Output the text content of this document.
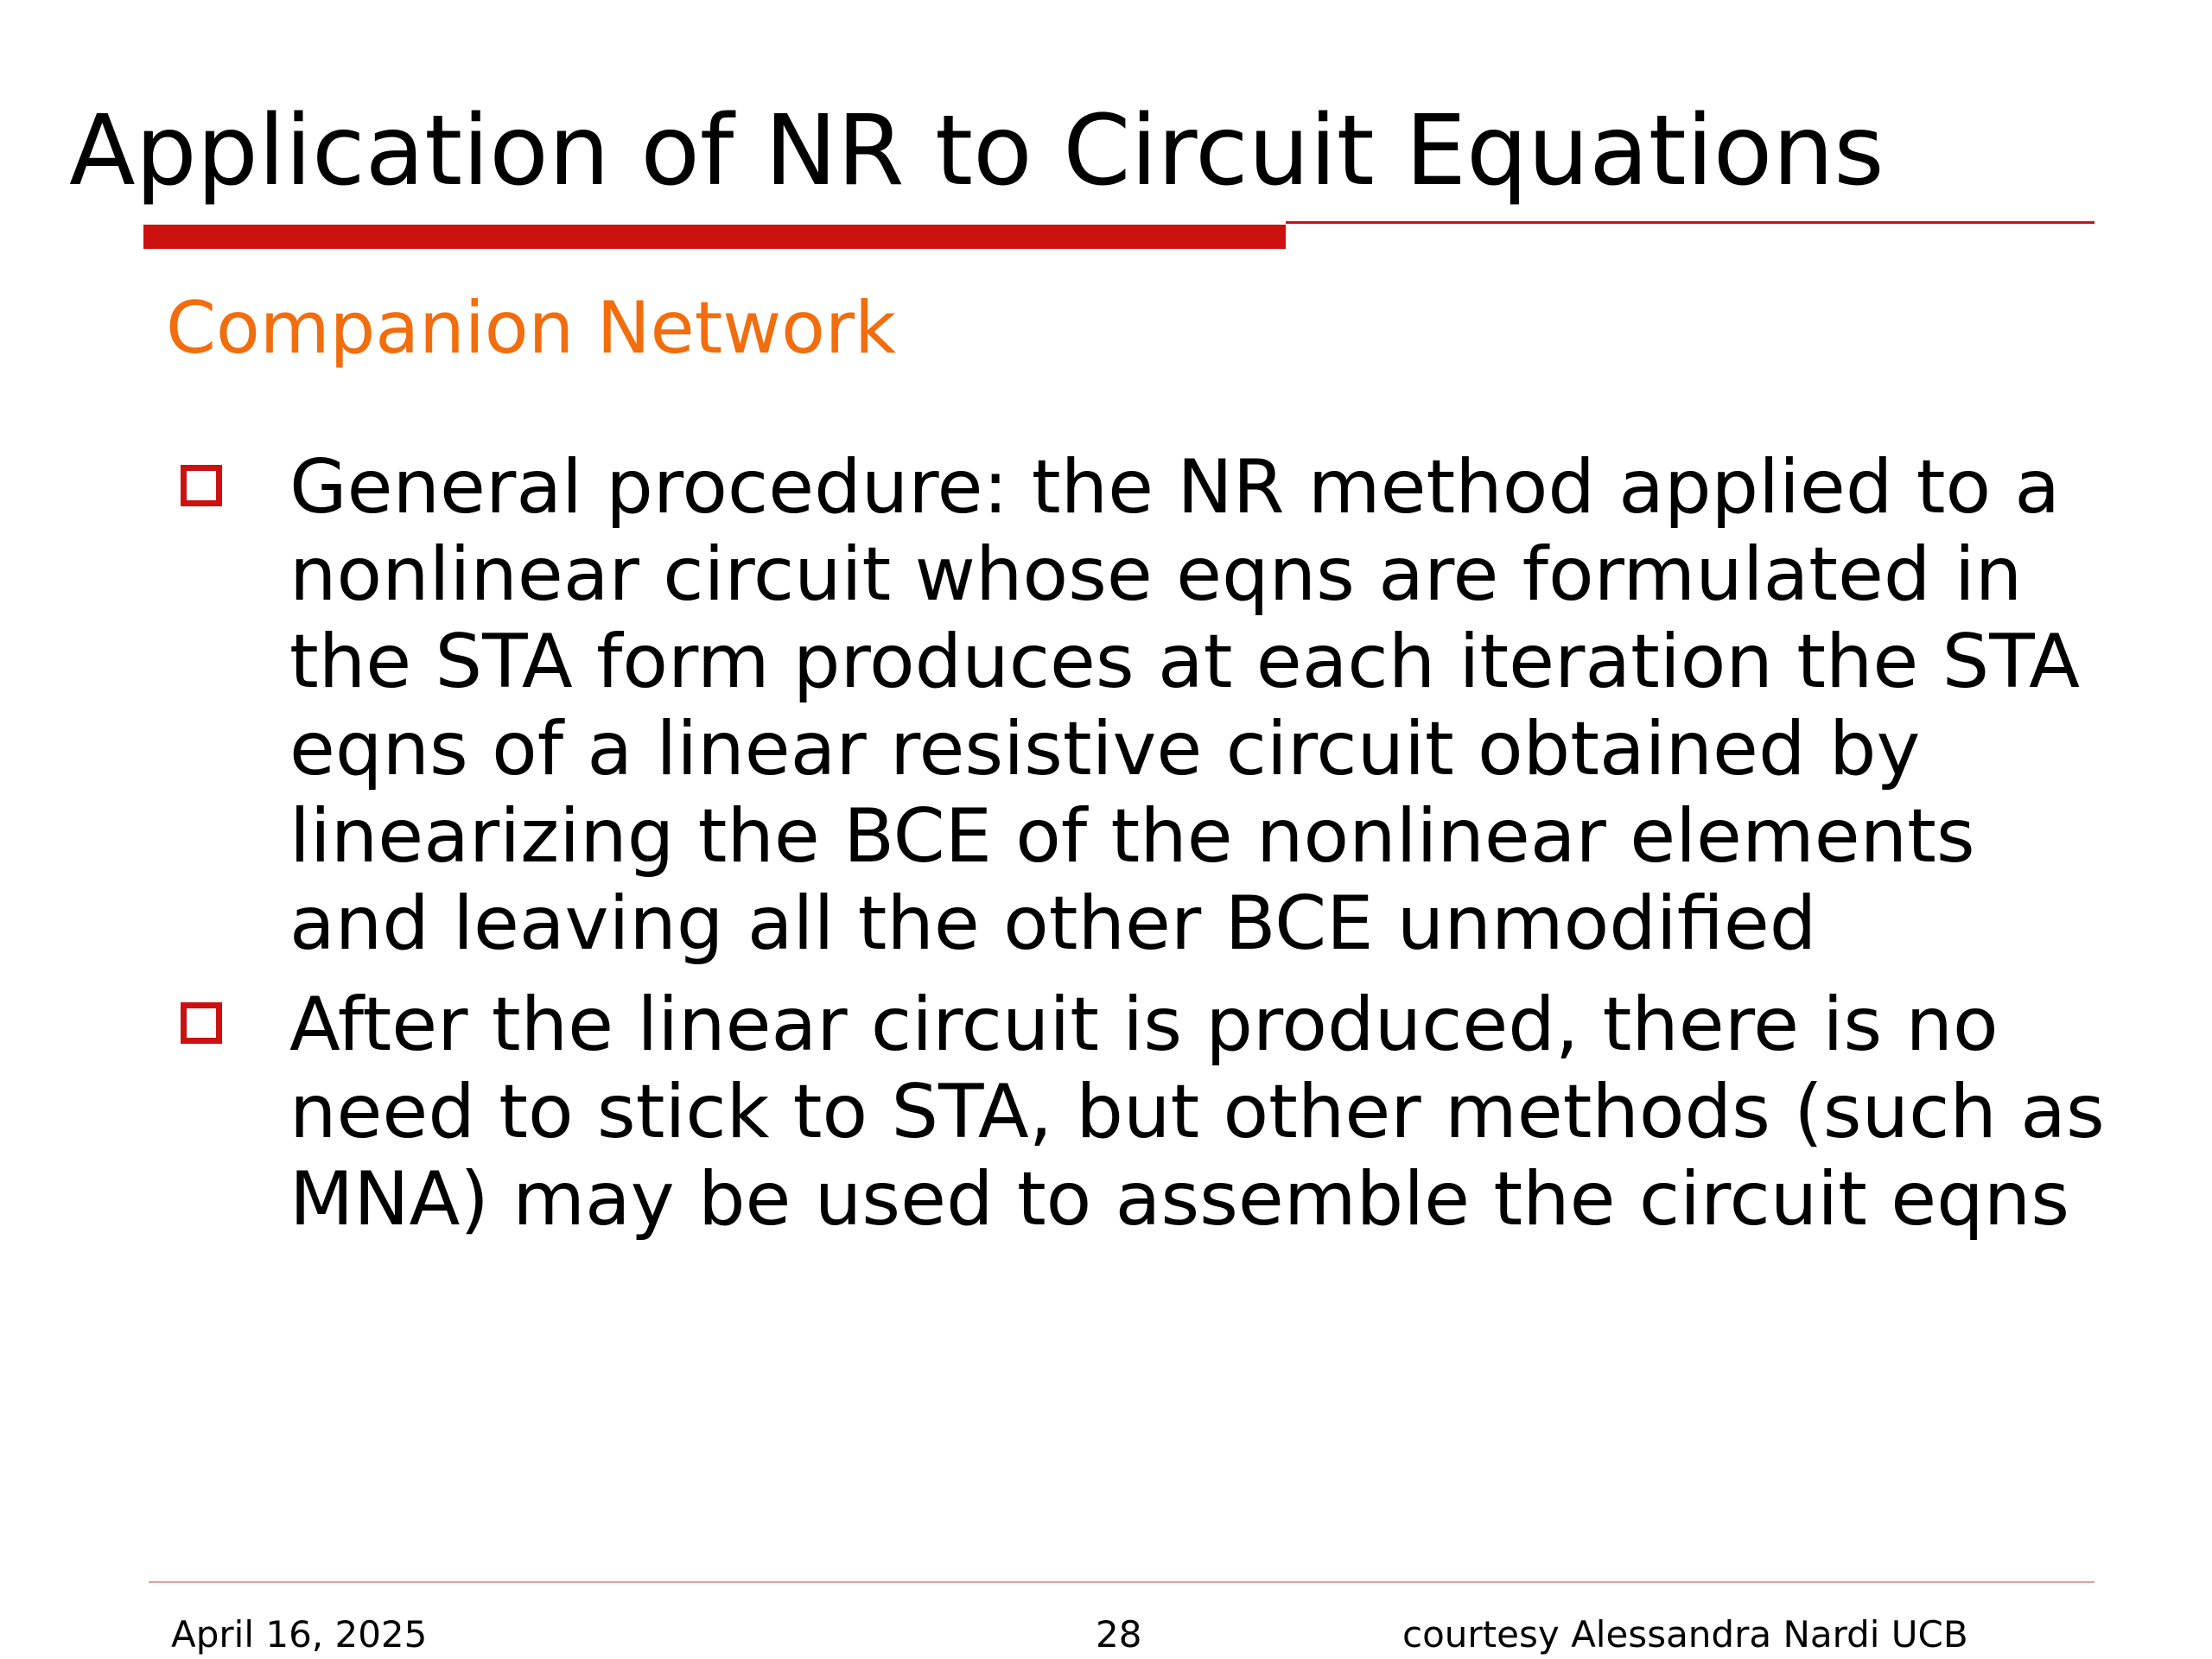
Application of NR to Circuit Equations
Companion Network
General procedure: the NR method applied to a nonlinear circuit whose eqns are formulated in the STA form produces at each iteration the STA eqns of a linear resistive circuit obtained by linearizing the BCE of the nonlinear elements and leaving all the other BCE unmodified
After the linear circuit is produced, there is no need to stick to STA, but other methods (such as MNA) may be used to assemble the circuit eqns
April 16, 2025	28	courtesy Alessandra Nardi UCB
